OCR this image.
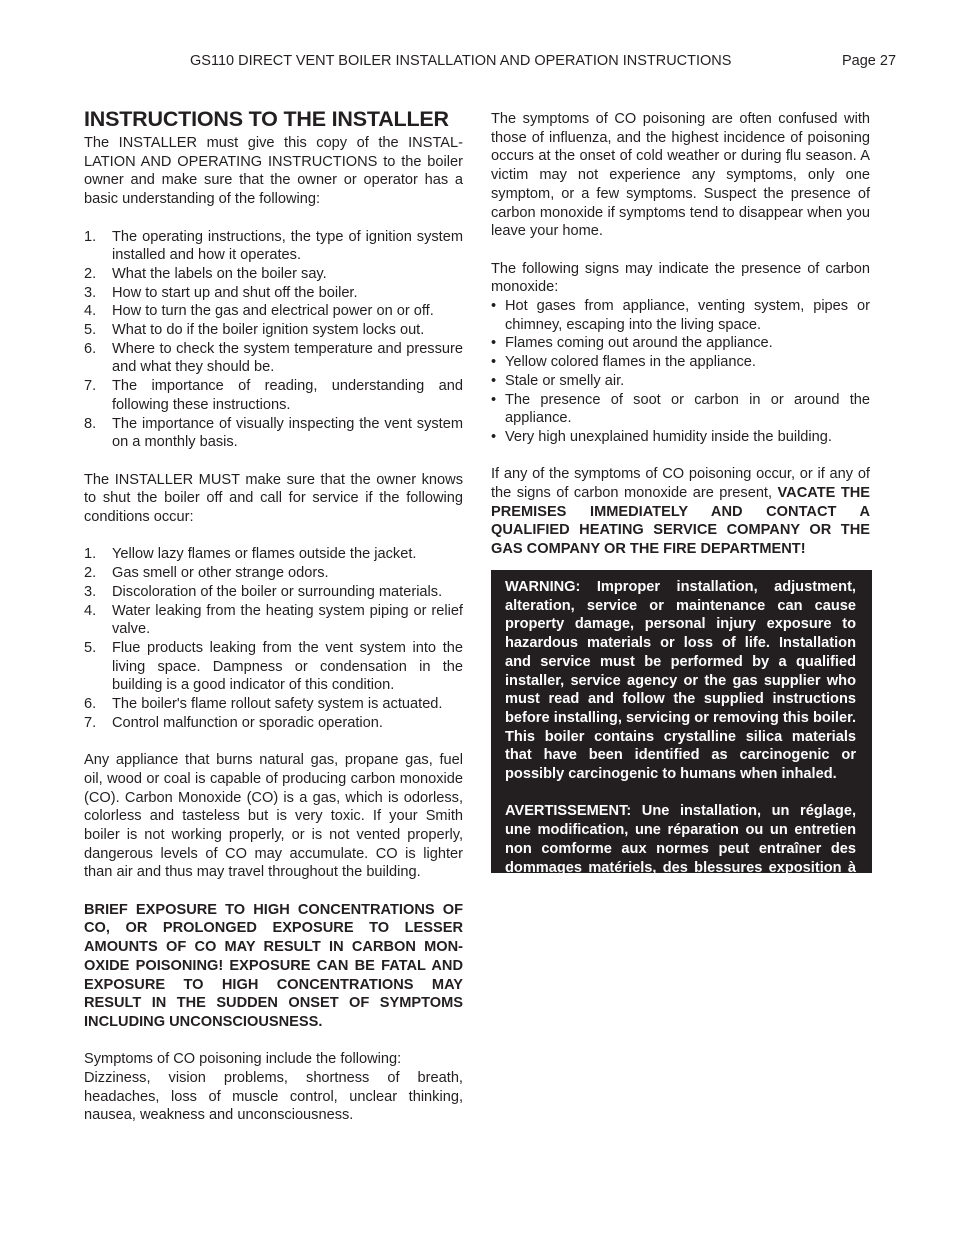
GS110 DIRECT VENT BOILER INSTALLATION AND OPERATION INSTRUCTIONS	Page 27
INSTRUCTIONS TO THE INSTALLER

The INSTALLER must give this copy of the INSTAL-LATION AND OPERATING INSTRUCTIONS to the boiler owner and make sure that the owner or operator has a basic understanding of the following:

1. The operating instructions, the type of ignition system installed and how it operates.
2. What the labels on the boiler say.
3. How to start up and shut off the boiler.
4. How to turn the gas and electrical power on or off.
5. What to do if the boiler ignition system locks out.
6. Where to check the system temperature and pressure and what they should be.
7. The importance of reading, understanding and following these instructions.
8. The importance of visually inspecting the vent system on a monthly basis.

The INSTALLER MUST make sure that the owner knows to shut the boiler off and call for service if the following conditions occur:

1. Yellow lazy flames or flames outside the jacket.
2. Gas smell or other strange odors.
3. Discoloration of the boiler or surrounding materials.
4. Water leaking from the heating system piping or relief valve.
5. Flue products leaking from the vent system into the living space. Dampness or condensation in the building is a good indicator of this condition.
6. The boiler's flame rollout safety system is actuated.
7. Control malfunction or sporadic operation.

Any appliance that burns natural gas, propane gas, fuel oil, wood or coal is capable of producing carbon monoxide (CO). Carbon Monoxide (CO) is a gas, which is odorless, colorless and tasteless but is very toxic. If your Smith boiler is not working properly, or is not vented properly, dangerous levels of CO may accumulate. CO is lighter than air and thus may travel throughout the building.

BRIEF EXPOSURE TO HIGH CONCENTRATIONS OF CO, OR PROLONGED EXPOSURE TO LESSER AMOUNTS OF CO MAY RESULT IN CARBON MON-OXIDE POISONING! EXPOSURE CAN BE FATAL AND EXPOSURE TO HIGH CONCENTRATIONS MAY RESULT IN THE SUDDEN ONSET OF SYMPTOMS INCLUDING UNCONSCIOUSNESS.

Symptoms of CO poisoning include the following:

Dizziness, vision problems, shortness of breath, headaches, loss of muscle control, unclear thinking, nausea, weakness and unconsciousness.

The symptoms of CO poisoning are often confused with those of influenza, and the highest incidence of poisoning occurs at the onset of cold weather or during flu season. A victim may not experience any symptoms, only one symptom, or a few symptoms. Suspect the presence of carbon monoxide if symptoms tend to disappear when you leave your home.

The following signs may indicate the presence of carbon monoxide:

• Hot gases from appliance, venting system, pipes or chimney, escaping into the living space.
• Flames coming out around the appliance.
• Yellow colored flames in the appliance.
• Stale or smelly air.
• The presence of soot or carbon in or around the appliance.
• Very high unexplained humidity inside the building.

If any of the symptoms of CO poisoning occur, or if any of the signs of carbon monoxide are present, VACATE THE PREMISES IMMEDIATELY AND CONTACT A QUALIFIED HEATING SERVICE COMPANY OR THE GAS COMPANY OR THE FIRE DEPARTMENT!

WARNING: Improper installation, adjustment, alteration, service or maintenance can cause property damage, personal injury exposure to hazardous materials or loss of life. Installation and service must be performed by a qualified installer, service agency or the gas supplier who must read and follow the supplied instructions before installing, servicing or removing this boiler. This boiler contains crystalline silica materials that have been identified as carcinogenic or possibly carcinogenic to humans when inhaled.

AVERTISSEMENT: Une installation, un réglage, une modification, une réparation ou un entretien non comforme aux normes peut entraîner des dommages matériels, des blessures exposition à des matières dangereuses ou la mort. L'installation et l'entretien doivent être effectués par un installateur ou un service d'entretien qualifié ou le fournisseur de gaz qui doivent avoir lu les instructions fournies avant de faire l'installation, l'entretien ou l'enlèvement de la chaudière et les respecter, Cette chaudière contient des matériaux qui ont été identifiés comme étant cancérogènes ou pouvant l' être.
